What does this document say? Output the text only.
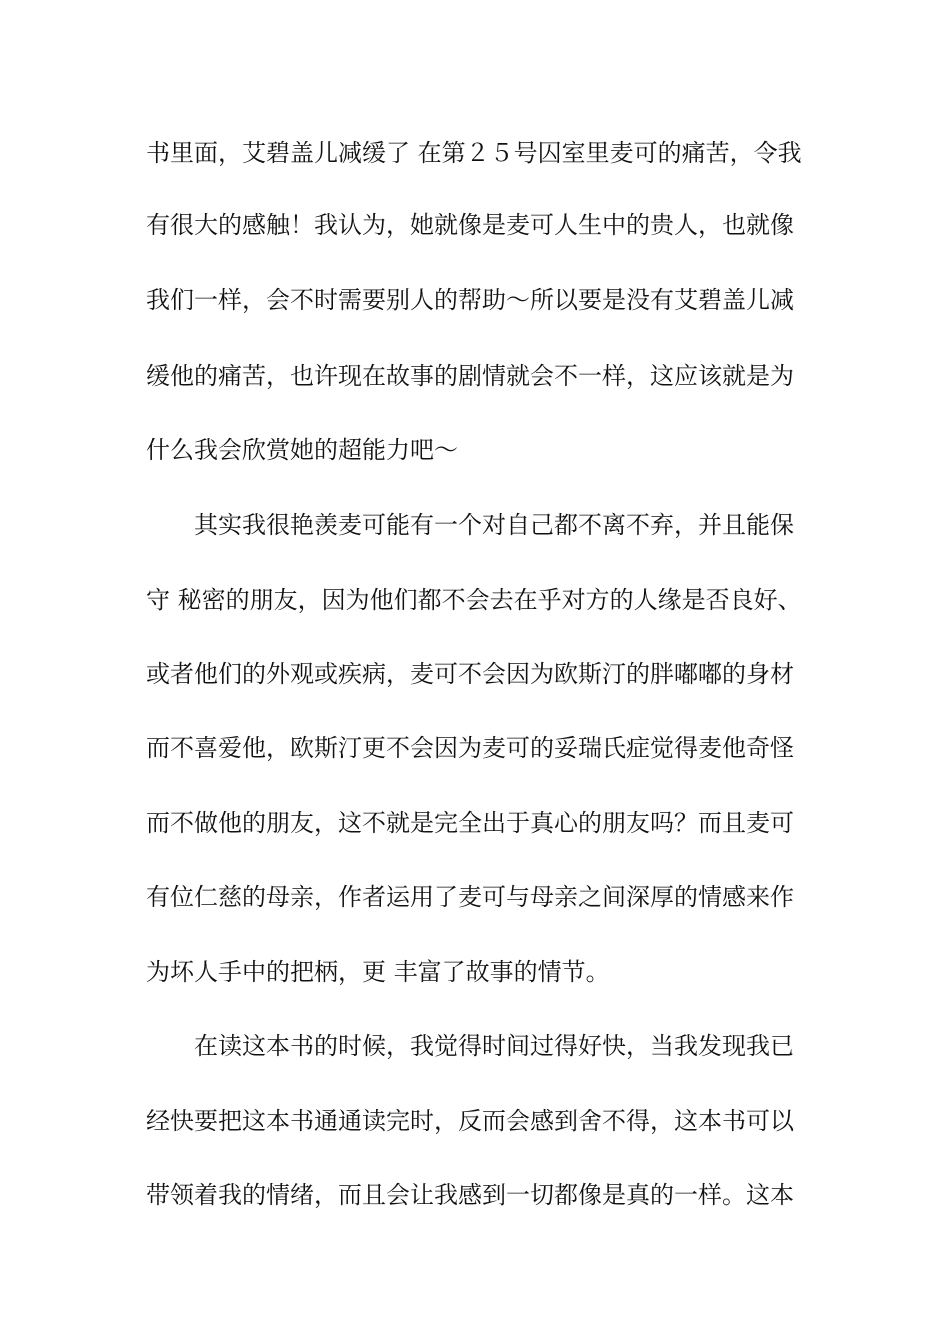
书里面，艾碧盖儿减缓了 在第２５号囚室里麦可的痛苦，令我
有很大的感触！我认为，她就像是麦可人生中的贵人，也就像
我们一样，会不时需要别人的帮助～所以要是没有艾碧盖儿减
缓他的痛苦，也许现在故事的剧情就会不一样，这应该就是为
什么我会欣赏她的超能力吧～
其实我很艳羡麦可能有一个对自己都不离不弃，并且能保
守 秘密的朋友，因为他们都不会去在乎对方的人缘是否良好、
或者他们的外观或疾病，麦可不会因为欧斯汀的胖嘟嘟的身材
而不喜爱他，欧斯汀更不会因为麦可的妥瑞氏症觉得麦他奇怪
而不做他的朋友，这不就是完全出于真心的朋友吗？而且麦可
有位仁慈的母亲，作者运用了麦可与母亲之间深厚的情感来作
为坏人手中的把柄，更 丰富了故事的情节。
在读这本书的时候，我觉得时间过得好快，当我发现我已
经快要把这本书通通读完时，反而会感到舍不得，这本书可以
带领着我的情绪，而且会让我感到一切都像是真的一样。这本
